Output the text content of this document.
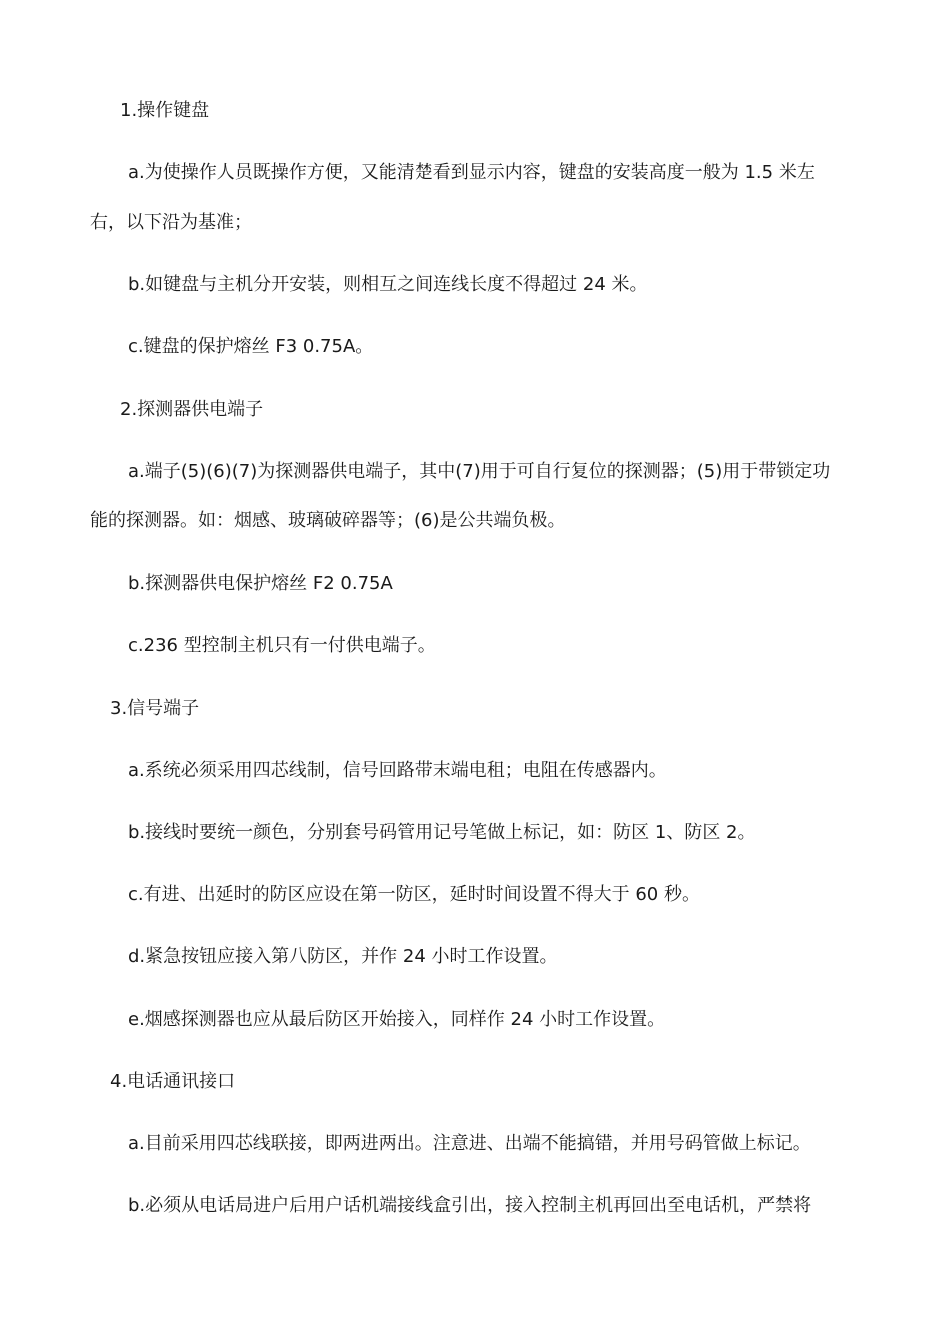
1.操作键盘
a.为使操作人员既操作方便，又能清楚看到显示内容，键盘的安装高度一般为 1.5 米左
右，以下沿为基准；
b.如键盘与主机分开安装，则相互之间连线长度不得超过 24 米。
c.键盘的保护熔丝 F3 0.75A。
2.探测器供电端子
a.端子(5)(6)(7)为探测器供电端子，其中(7)用于可自行复位的探测器；(5)用于带锁定功
能的探测器。如：烟感、玻璃破碎器等；(6)是公共端负极。
b.探测器供电保护熔丝 F2 0.75A
c.236 型控制主机只有一付供电端子。
3.信号端子
a.系统必须采用四芯线制，信号回路带末端电租；电阻在传感器内。
b.接线时要统一颜色，分别套号码管用记号笔做上标记，如：防区 1、防区 2。
c.有进、出延时的防区应设在第一防区，延时时间设置不得大于 60 秒。
d.紧急按钮应接入第八防区，并作 24 小时工作设置。
e.烟感探测器也应从最后防区开始接入，同样作 24 小时工作设置。
4.电话通讯接口
a.目前采用四芯线联接，即两进两出。注意进、出端不能搞错，并用号码管做上标记。
b.必须从电话局进户后用户话机端接线盒引出，接入控制主机再回出至电话机，严禁将
